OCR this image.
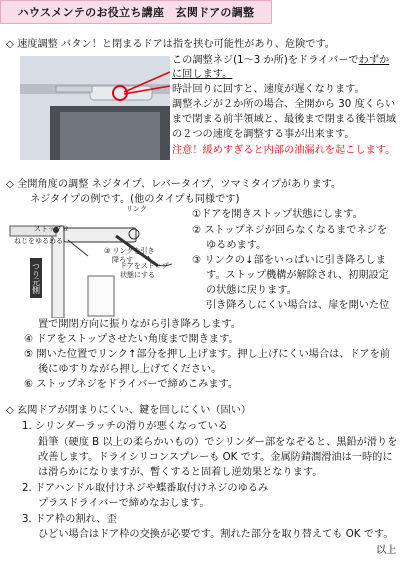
ハウスメンテのお役立ち講座　玄関ドアの調整
◇ 速度調整 バタン！と閉まるドアは指を挟む可能性があり、危険です。
この調整ネジ(1～3 か所)をドライバーでわずか
に回します。
時計回りに回すと、速度が遅くなります。
調整ネジが２か所の場合、全開から 30 度くらい
まで閉まる前半領域と、最後まで閉まる後半領域
の２つの速度を調整する事が出来ます。
注意！緩めすぎると内部の油漏れを起こします。
◇ 全開角度の調整 ネジタイプ、レバータイプ、ツマミタイプがあります。
ネジタイプの例です。(他のタイプも同様です)
リンク
ストップロ
ねじをゆるめる
③ リンクを引き
降ろす
ドアをストップ
状態にする
つり元側
①ドアを開きストップ状態にします。
② ストップネジが回らなくなるまでネジを
ゆるめます。
③ リンクの↓部をいっぱいに引き降ろしま
す。ストップ機構が解除され、初期設定
の状態に戻ります。
引き降ろしにくい場合は、扉を開いた位
置で開閉方向に振りながら引き降ろします。
④ ドアをストップさせたい角度まで開きます。
⑤ 開いた位置でリンク↑部分を押し上げます。押し上げにくい場合は、ドアを前
後にゆすりながら押し上げてください。
⑥ ストップネジをドライバーで締めこみます。
◇ 玄関ドアが閉まりにくい、鍵を回しにくい（固い）
1. シリンダーラッチの滑りが悪くなっている
鉛筆（硬度 B 以上の柔らかいもの）でシリンダー部をなぞると、黒鉛が滑りを
改善します。ドライシリコンスプレーも OK です。金属防錆潤滑油は一時的に
は滑らかになりますが、暫くすると固着し逆効果となります。
2. ドアハンドル取付けネジや蝶番取付けネジのゆるみ
プラスドライバーで締めなおします。
3. ドア枠の割れ、歪
ひどい場合はドア枠の交換が必要です。割れた部分を取り替えても OK です。
以上
